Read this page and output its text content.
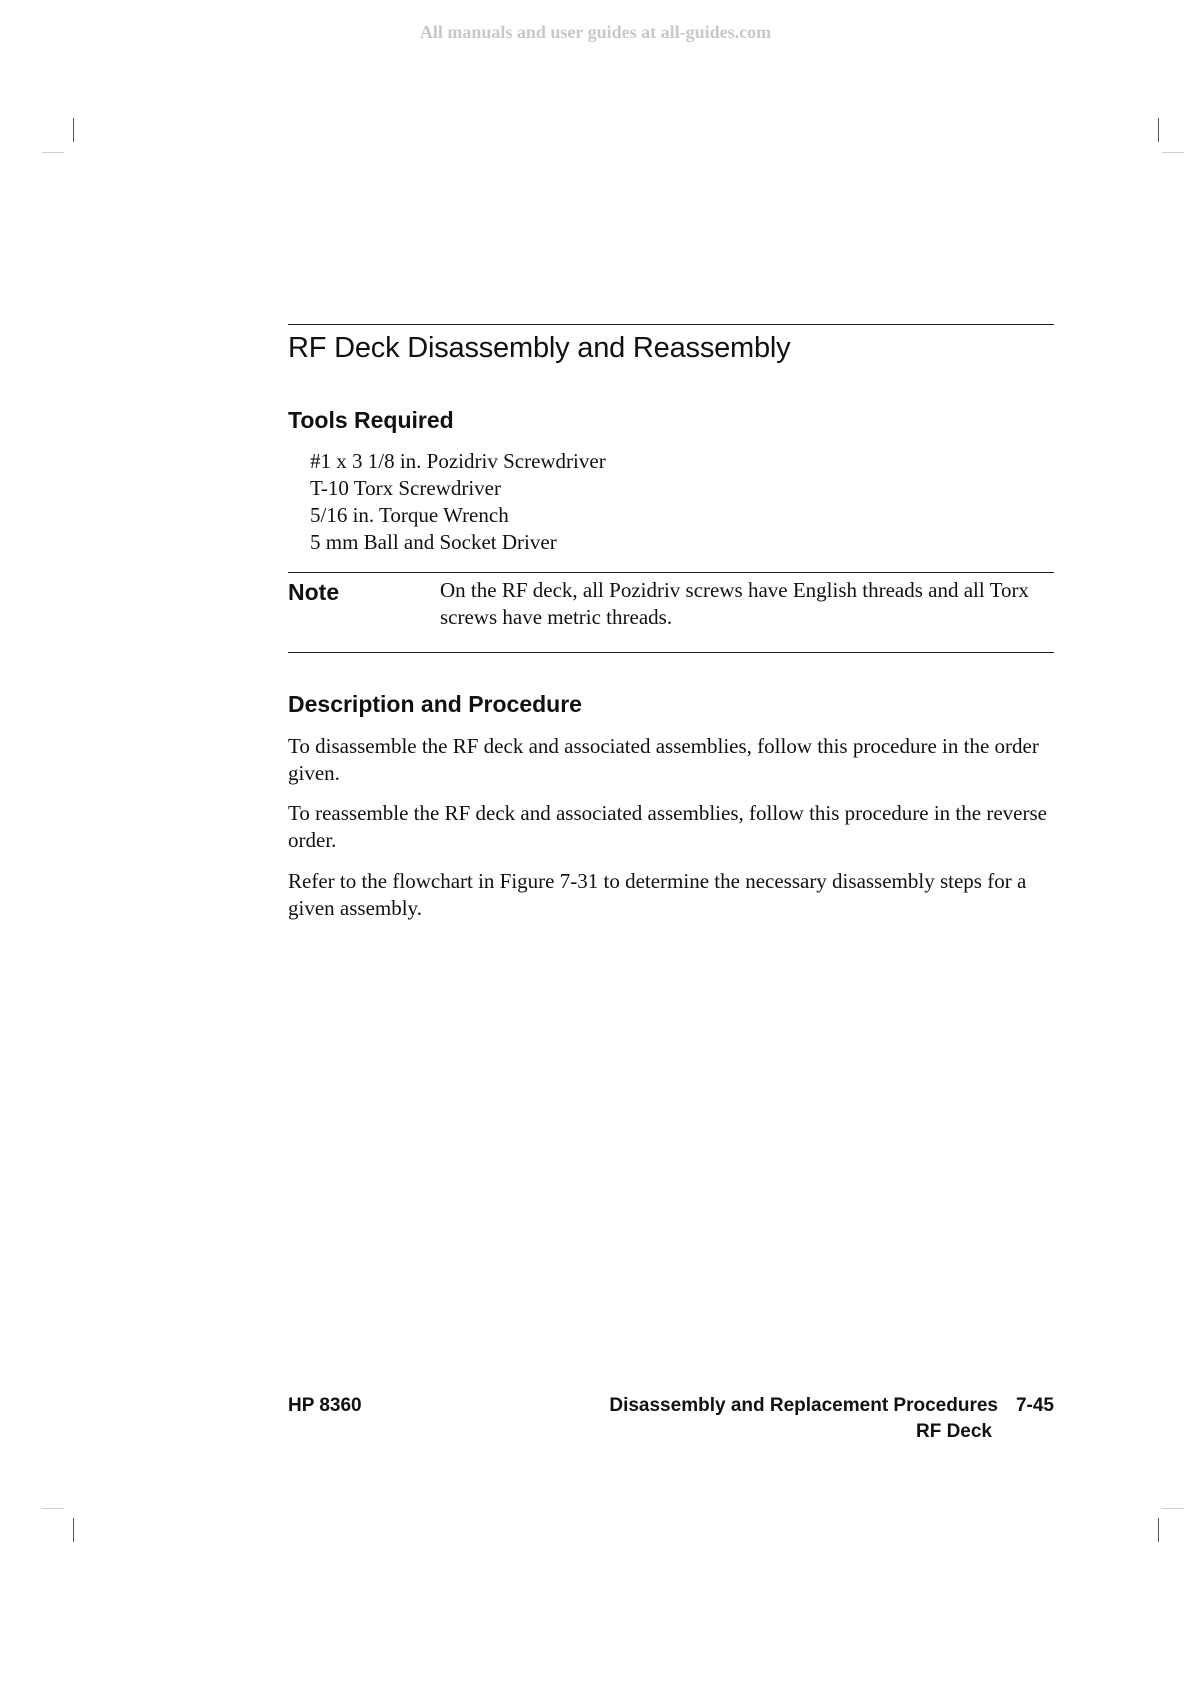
All manuals and user guides at all-guides.com
RF Deck Disassembly and Reassembly
Tools Required
#1 x 3 1/8 in. Pozidriv Screwdriver
T-10 Torx Screwdriver
5/16 in. Torque Wrench
5 mm Ball and Socket Driver
Note	On the RF deck, all Pozidriv screws have English threads and all Torx screws have metric threads.

Description and Procedure

To disassemble the RF deck and associated assemblies, follow this procedure in the order given.

To reassemble the RF deck and associated assemblies, follow this procedure in the reverse order.

Refer to the flowchart in Figure 7-31 to determine the necessary disassembly steps for a given assembly.

HP 8360	Disassembly and Replacement Procedures 7-45
RF Deck
